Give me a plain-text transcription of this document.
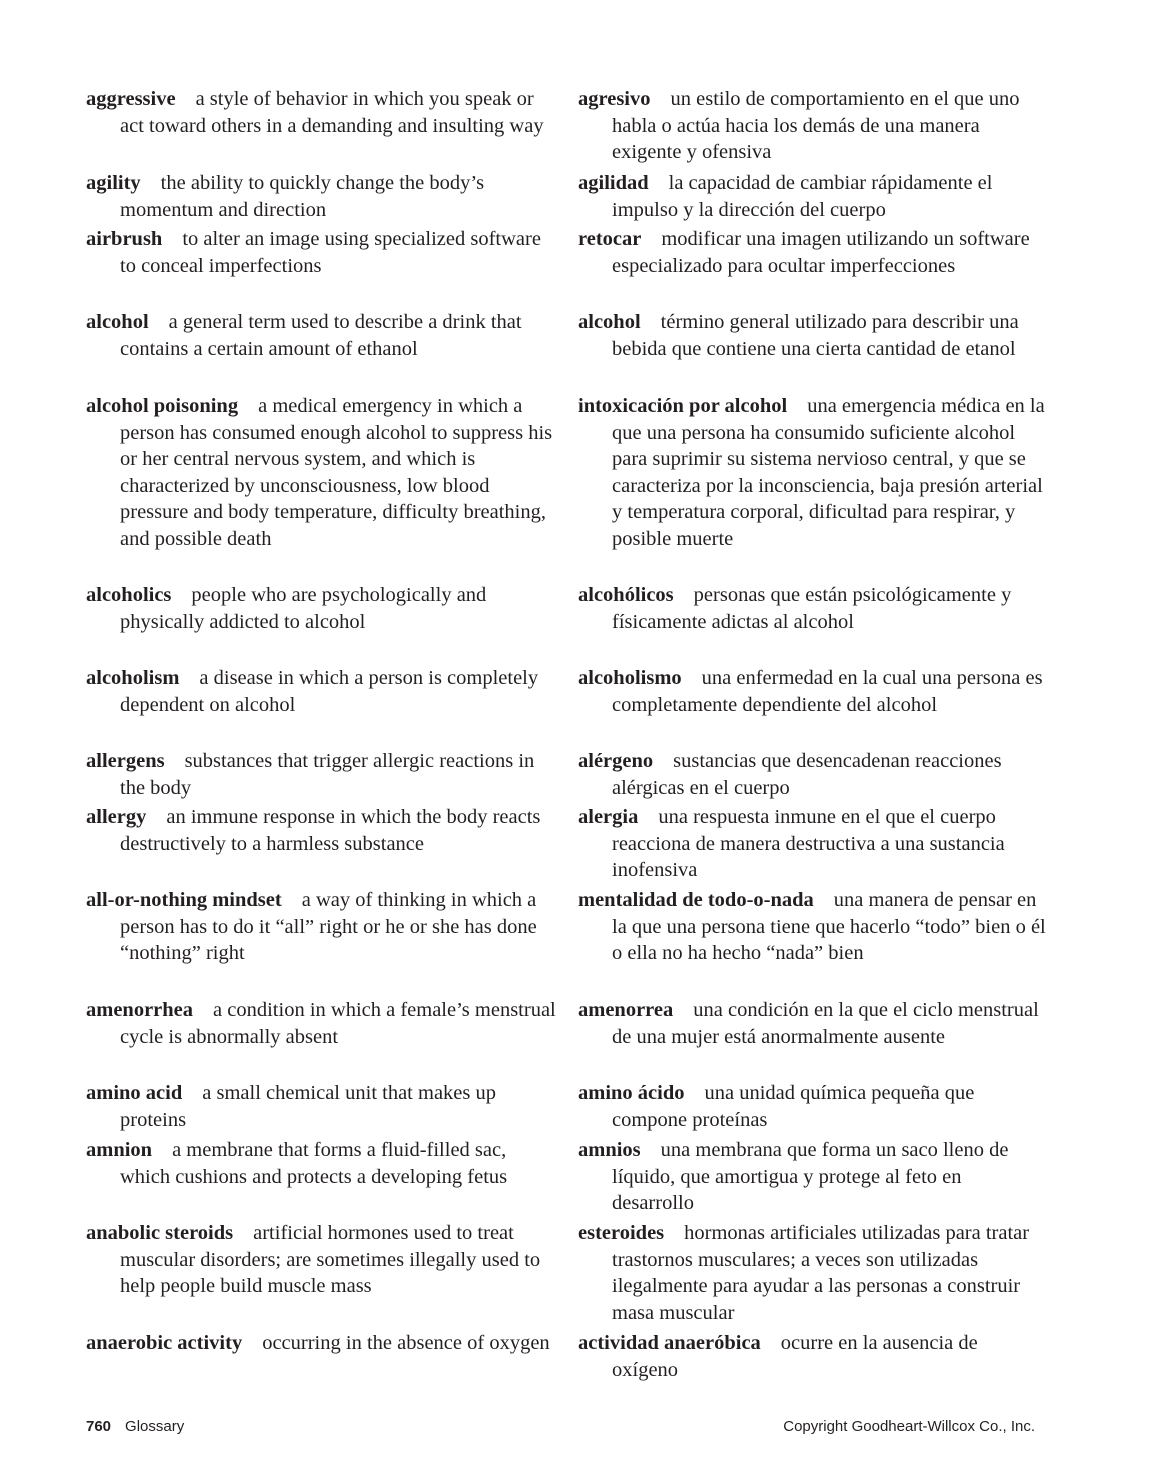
aggressive a style of behavior in which you speak or act toward others in a demanding and insulting way
agility the ability to quickly change the body’s momentum and direction
airbrush to alter an image using specialized software to conceal imperfections
alcohol a general term used to describe a drink that contains a certain amount of ethanol
alcohol poisoning a medical emergency in which a person has consumed enough alcohol to suppress his or her central nervous system, and which is characterized by unconsciousness, low blood pressure and body temperature, difficulty breathing, and possible death
alcoholics people who are psychologically and physically addicted to alcohol
alcoholism a disease in which a person is completely dependent on alcohol
allergens substances that trigger allergic reactions in the body
allergy an immune response in which the body reacts destructively to a harmless substance
all-or-nothing mindset a way of thinking in which a person has to do it “all” right or he or she has done “nothing” right
amenorrhea a condition in which a female’s menstrual cycle is abnormally absent
amino acid a small chemical unit that makes up proteins
amnion a membrane that forms a fluid-filled sac, which cushions and protects a developing fetus
anabolic steroids artificial hormones used to treat muscular disorders; are sometimes illegally used to help people build muscle mass
anaerobic activity occurring in the absence of oxygen
agresivo un estilo de comportamiento en el que uno habla o actúa hacia los demás de una manera exigente y ofensiva
agilidad la capacidad de cambiar rápidamente el impulso y la dirección del cuerpo
retocar modificar una imagen utilizando un software especializado para ocultar imperfecciones
alcohol término general utilizado para describir una bebida que contiene una cierta cantidad de etanol
intoxicación por alcohol una emergencia médica en la que una persona ha consumido suficiente alcohol para suprimir su sistema nervioso central, y que se caracteriza por la inconsciencia, baja presión arterial y temperatura corporal, dificultad para respirar, y posible muerte
alcohólicos personas que están psicológicamente y físicamente adictas al alcohol
alcoholismo una enfermedad en la cual una persona es completamente dependiente del alcohol
alérgeno sustancias que desencadenan reacciones alérgicas en el cuerpo
alergia una respuesta inmune en el que el cuerpo reacciona de manera destructiva a una sustancia inofensiva
mentalidad de todo-o-nada una manera de pensar en la que una persona tiene que hacerlo “todo” bien o él o ella no ha hecho “nada” bien
amenorrea una condición en la que el ciclo menstrual de una mujer está anormalmente ausente
amino ácido una unidad química pequeña que compone proteínas
amnios una membrana que forma un saco lleno de líquido, que amortigua y protege al feto en desarrollo
esteroides hormonas artificiales utilizadas para tratar trastornos musculares; a veces son utilizadas ilegalmente para ayudar a las personas a construir masa muscular
actividad anaeróbica ocurre en la ausencia de oxígeno
760 Glossary	Copyright Goodheart-Willcox Co., Inc.
